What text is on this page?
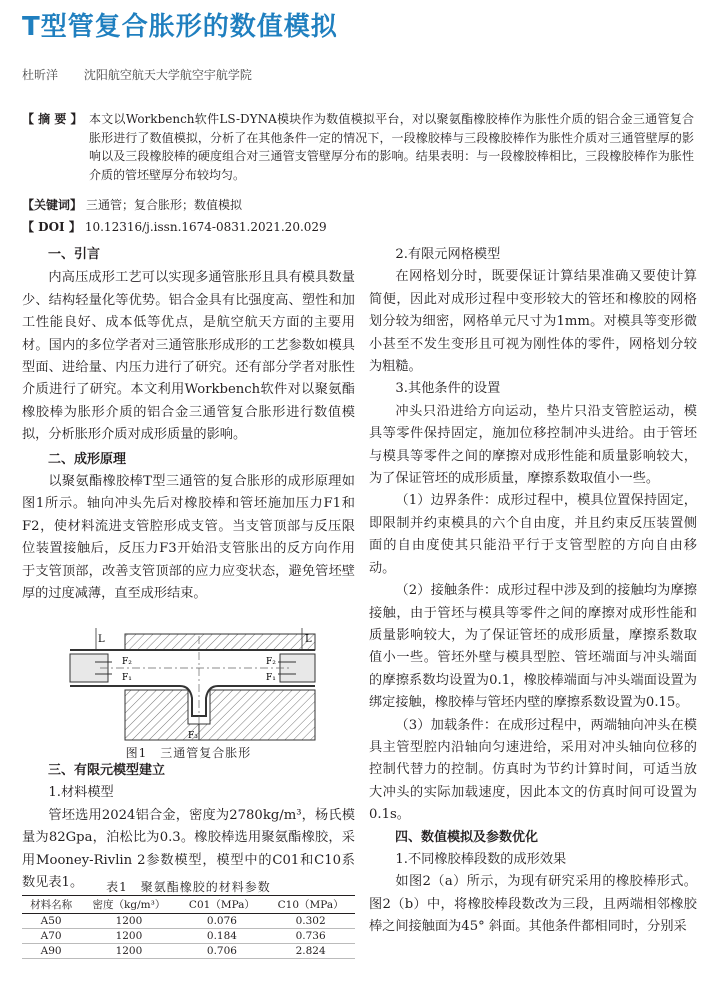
T型管复合胀形的数值模拟
杜昕洋 沈阳航空航天大学航空宇航学院
【 摘 要 】 本文以Workbench软件LS-DYNA模块作为数值模拟平台，对以聚氨酯橡胶棒作为胀性介质的铝合金三通管复合胀形进行了数值模拟，分析了在其他条件一定的情况下，一段橡胶棒与三段橡胶棒作为胀性介质对三通管壁厚的影响以及三段橡胶棒的硬度组合对三通管支管壁厚分布的影响。结果表明：与一段橡胶棒相比，三段橡胶棒作为胀性介质的管坯壁厚分布较均匀。
【关键词】 三通管；复合胀形；数值模拟
【 DOI 】 10.12316/j.issn.1674-0831.2021.20.029
一、引言

内高压成形工艺可以实现多通管胀形且具有模具数量少、结构轻量化等优势。铝合金具有比强度高、塑性和加工性能良好、成本低等优点，是航空航天方面的主要用材。国内的多位学者对三通管胀形成形的工艺参数如模具型面、进给量、内压力进行了研究。还有部分学者对胀性介质进行了研究。本文利用Workbench软件对以聚氨酯橡胶棒为胀形介质的铝合金三通管复合胀形进行数值模拟，分析胀形介质对成形质量的影响。

二、成形原理

以聚氨酯橡胶棒T型三通管的复合胀形的成形原理如图1所示。轴向冲头先后对橡胶棒和管坯施加压力F1和F2，使材料流进支管腔形成支管。当支管顶部与反压限位装置接触后，反压力F3开始沿支管胀出的反方向作用于支管顶部，改善支管顶部的应力应变状态，避免管坯壁厚的过度减薄，直至成形结束。

L	L
F₂
F₁
F₂
F₁
F₃
图1　三通管复合胀形
三、有限元模型建立
1.材料模型

管坯选用2024铝合金，密度为2780kg/m³，杨氏模量为82Gpa，泊松比为0.3。橡胶棒选用聚氨酯橡胶，采用Mooney-Rivlin 2参数模型，模型中的C01和C10系数见表1。	表1　聚氨酯橡胶的材料参数
材料名称	密度（kg/m³）	C01（MPa）	C10（MPa）
A50	1200	0.076	0.302
A70	1200	0.184	0.736
A90	1200	0.706	2.824
2.有限元网格模型

在网格划分时，既要保证计算结果准确又要使计算简便，因此对成形过程中变形较大的管坯和橡胶的网格划分较为细密，网格单元尺寸为1mm。对模具等变形微小甚至不发生变形且可视为刚性体的零件，网格划分较为粗糙。

3.其他条件的设置

冲头只沿进给方向运动，垫片只沿支管腔运动，模具等零件保持固定，施加位移控制冲头进给。由于管坯与模具等零件之间的摩擦对成形性能和质量影响较大，为了保证管坯的成形质量，摩擦系数取值小一些。

（1）边界条件：成形过程中，模具位置保持固定，即限制并约束模具的六个自由度，并且约束反压装置侧面的自由度使其只能沿平行于支管型腔的方向自由移动。

（2）接触条件：成形过程中涉及到的接触均为摩擦接触，由于管坯与模具等零件之间的摩擦对成形性能和质量影响较大，为了保证管坯的成形质量，摩擦系数取值小一些。管坯外壁与模具型腔、管坯端面与冲头端面的摩擦系数均设置为0.1，橡胶棒端面与冲头端面设置为绑定接触，橡胶棒与管坯内壁的摩擦系数设置为0.15。

（3）加载条件：在成形过程中，两端轴向冲头在模具主管型腔内沿轴向匀速进给，采用对冲头轴向位移的控制代替力的控制。仿真时为节约计算时间，可适当放大冲头的实际加载速度，因此本文的仿真时间可设置为0.1s。

四、数值模拟及参数优化
1.不同橡胶棒段数的成形效果

如图2（a）所示，为现有研究采用的橡胶棒形式。图2（b）中，将橡胶棒段数改为三段，且两端相邻橡胶棒之间接触面为45° 斜面。其他条件都相同时，分别采
